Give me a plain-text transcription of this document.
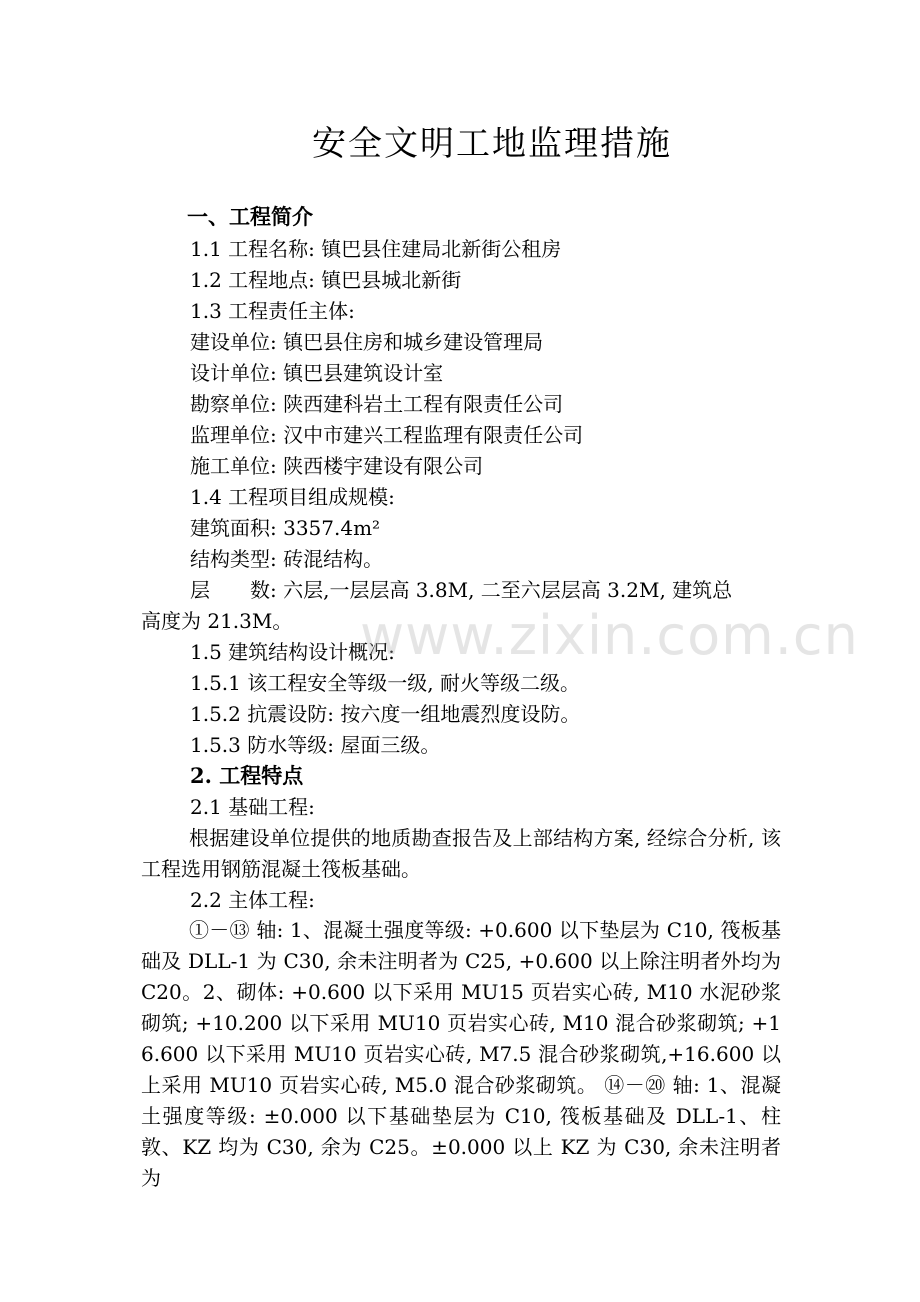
安全文明工地监理措施
一、工程简介
1.1 工程名称: 镇巴县住建局北新街公租房
1.2 工程地点: 镇巴县城北新街
1.3 工程责任主体:
建设单位: 镇巴县住房和城乡建设管理局
设计单位: 镇巴县建筑设计室
勘察单位: 陕西建科岩土工程有限责任公司
监理单位: 汉中市建兴工程监理有限责任公司
施工单位: 陕西楼宇建设有限公司
1.4 工程项目组成规模:
建筑面积: 3357.4m²
结构类型: 砖混结构。
层　　数: 六层,一层层高 3.8M, 二至六层层高 3.2M, 建筑总
高度为 21.3M。
1.5 建筑结构设计概况:
1.5.1 该工程安全等级一级, 耐火等级二级。
1.5.2 抗震设防: 按六度一组地震烈度设防。
1.5.3 防水等级: 屋面三级。
2. 工程特点
2.1 基础工程:
根据建设单位提供的地质勘查报告及上部结构方案, 经综合分析, 该工程选用钢筋混凝土筏板基础。
2.2 主体工程:
①－⑬ 轴: 1、混凝土强度等级: +0.600 以下垫层为 C10, 筏板基础及 DLL-1 为 C30, 余未注明者为 C25, +0.600 以上除注明者外均为 C20。2、砌体: +0.600 以下采用 MU15 页岩实心砖, M10 水泥砂浆砌筑; +10.200 以下采用 MU10 页岩实心砖, M10 混合砂浆砌筑; +16.600 以下采用 MU10 页岩实心砖, M7.5 混合砂浆砌筑,+16.600 以上采用 MU10 页岩实心砖, M5.0 混合砂浆砌筑。 ⑭－⑳ 轴: 1、混凝土强度等级: ±0.000 以下基础垫层为 C10, 筏板基础及 DLL-1、柱敦、KZ 均为 C30, 余为 C25。±0.000 以上 KZ 为 C30, 余未注明者为
www.zixin.com.cn
